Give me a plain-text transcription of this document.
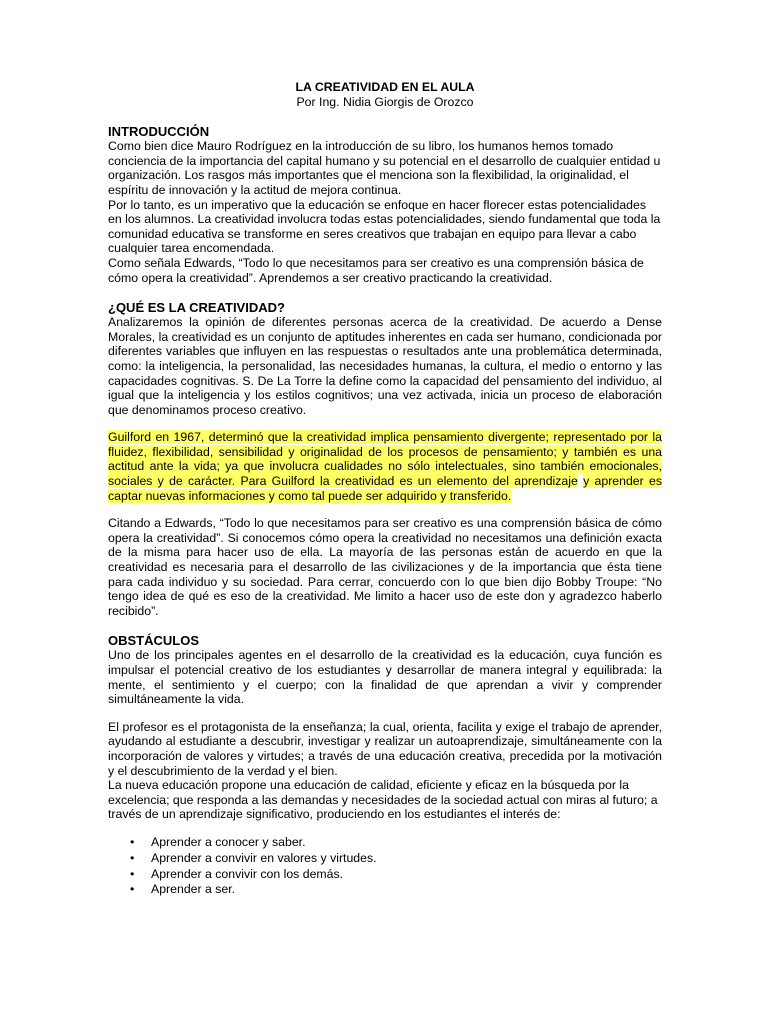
LA CREATIVIDAD EN EL AULA

Por Ing. Nidia Giorgis de Orozco

INTRODUCCIÓN

Como bien dice Mauro Rodríguez en la introducción de su libro, los humanos hemos tomado conciencia de la importancia del capital humano y su potencial en el desarrollo de cualquier entidad u organización. Los rasgos más importantes que el menciona son la flexibilidad, la originalidad, el espíritu de innovación y la actitud de mejora continua.

Por lo tanto, es un imperativo que la educación se enfoque en hacer florecer estas potencialidades en los alumnos. La creatividad involucra todas estas potencialidades, siendo fundamental que toda la comunidad educativa se transforme en seres creativos que trabajan en equipo para llevar a cabo cualquier tarea encomendada.

Como señala Edwards, “Todo lo que necesitamos para ser creativo es una comprensión básica de cómo opera la creatividad”. Aprendemos a ser creativo practicando la creatividad.

¿QUÉ ES LA CREATIVIDAD?

Analizaremos la opinión de diferentes personas acerca de la creatividad. De acuerdo a Dense Morales, la creatividad es un conjunto de aptitudes inherentes en cada ser humano, condicionada por diferentes variables que influyen en las respuestas o resultados ante una problemática determinada, como: la inteligencia, la personalidad, las necesidades humanas, la cultura, el medio o entorno y las capacidades cognitivas. S. De La Torre la define como la capacidad del pensamiento del individuo, al igual que la inteligencia y los estilos cognitivos; una vez activada, inicia un proceso de elaboración que denominamos proceso creativo.

Guilford en 1967, determinó que la creatividad implica pensamiento divergente; representado por la fluidez, flexibilidad, sensibilidad y originalidad de los procesos de pensamiento; y también es una actitud ante la vida; ya que involucra cualidades no sólo intelectuales, sino también emocionales, sociales y de carácter. Para Guilford la creatividad es un elemento del aprendizaje y aprender es captar nuevas informaciones y como tal puede ser adquirido y transferido.

Citando a Edwards, “Todo lo que necesitamos para ser creativo es una comprensión básica de cómo opera la creatividad”. Si conocemos cómo opera la creatividad no necesitamos una definición exacta de la misma para hacer uso de ella. La mayoría de las personas están de acuerdo en que la creatividad es necesaria para el desarrollo de las civilizaciones y de la importancia que ésta tiene para cada individuo y su sociedad. Para cerrar, concuerdo con lo que bien dijo Bobby Troupe: “No tengo idea de qué es eso de la creatividad. Me limito a hacer uso de este don y agradezco haberlo recibido”.

OBSTÁCULOS

Uno de los principales agentes en el desarrollo de la creatividad es la educación, cuya función es impulsar el potencial creativo de los estudiantes y desarrollar de manera integral y equilibrada: la mente, el sentimiento y el cuerpo; con la finalidad de que aprendan a vivir y comprender simultáneamente la vida.

El profesor es el protagonista de la enseñanza; la cual, orienta, facilita y exige el trabajo de aprender, ayudando al estudiante a descubrir, investigar y realizar un autoaprendizaje, simultáneamente con la incorporación de valores y virtudes; a través de una educación creativa, precedida por la motivación y el descubrimiento de la verdad y el bien.

La nueva educación propone una educación de calidad, eficiente y eficaz en la búsqueda por la excelencia; que responda a las demandas y necesidades de la sociedad actual con miras al futuro; a través de un aprendizaje significativo, produciendo en los estudiantes el interés de:

• Aprender a conocer y saber.
• Aprender a convivir en valores y virtudes.
• Aprender a convivir con los demás.
• Aprender a ser.
